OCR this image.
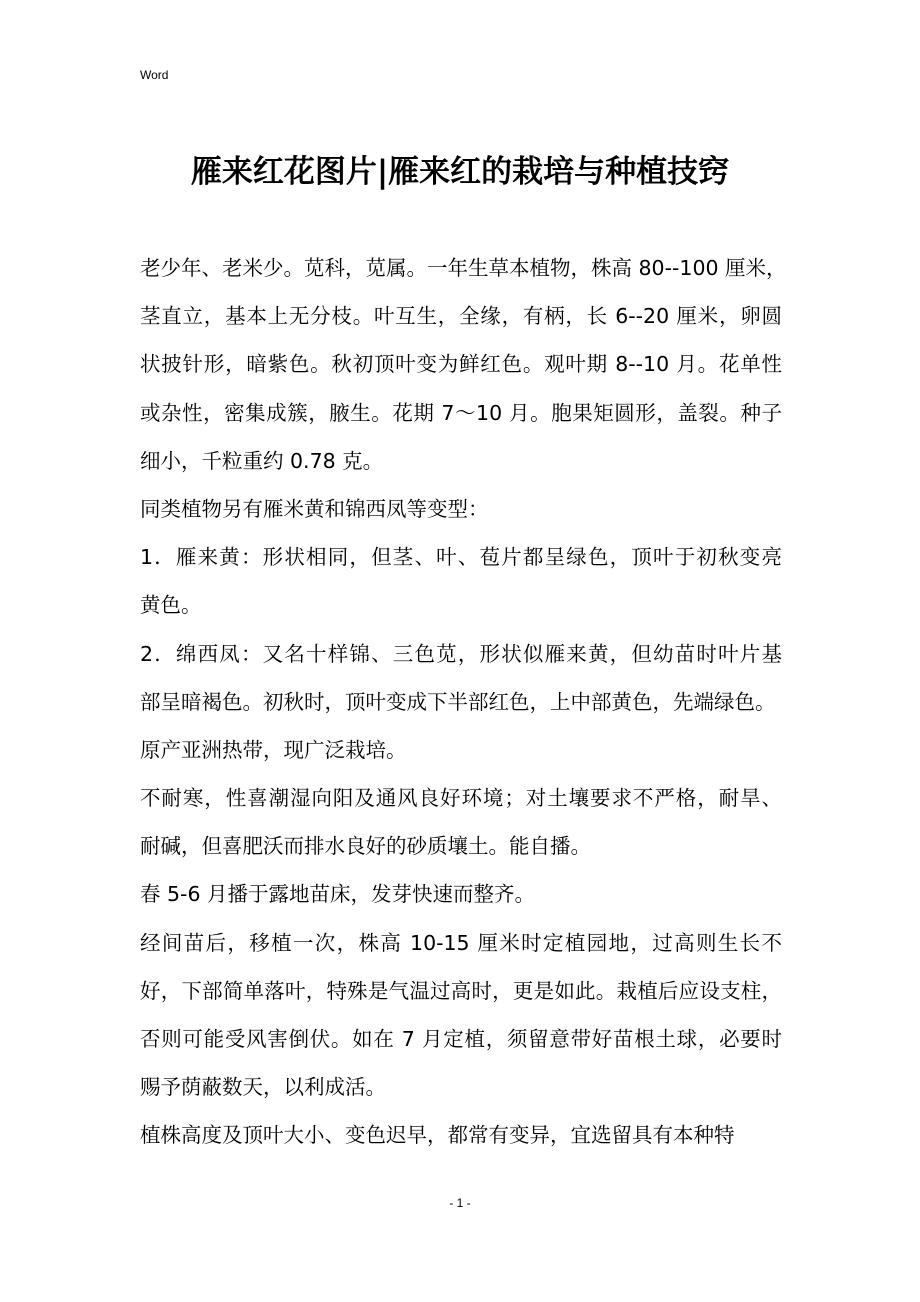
Word
雁来红花图片|雁来红的栽培与种植技窍
老少年、老米少。苋科，苋属。一年生草本植物，株高 80--100 厘米，
茎直立，基本上无分枝。叶互生，全缘，有柄，长 6--20 厘米，卵圆
状披针形，暗紫色。秋初顶叶变为鲜红色。观叶期 8--10 月。花单性
或杂性，密集成簇，腋生。花期 7～10 月。胞果矩圆形，盖裂。种子
细小，千粒重约 0.78 克。
同类植物另有雁米黄和锦西凤等变型：
1．雁来黄：形状相同，但茎、叶、苞片都呈绿色，顶叶于初秋变亮
黄色。
2．绵西凤：又名十样锦、三色苋，形状似雁来黄，但幼苗时叶片基
部呈暗褐色。初秋时，顶叶变成下半部红色，上中部黄色，先端绿色。
原产亚洲热带，现广泛栽培。
不耐寒，性喜潮湿向阳及通风良好环境；对土壤要求不严格，耐旱、
耐碱，但喜肥沃而排水良好的砂质壤土。能自播。
春 5-6 月播于露地苗床，发芽快速而整齐。
经间苗后，移植一次，株高 10-15 厘米时定植园地，过高则生长不
好，下部简单落叶，特殊是气温过高时，更是如此。栽植后应设支柱，
否则可能受风害倒伏。如在 7 月定植，须留意带好苗根土球，必要时
赐予荫蔽数天，以利成活。
植株高度及顶叶大小、变色迟早，都常有变异，宜选留具有本种特
- 1 -
